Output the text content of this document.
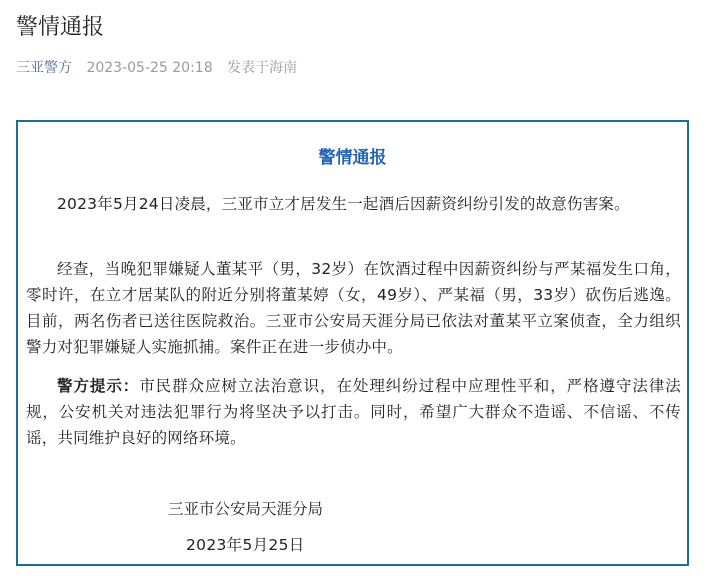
警情通报
三亚警方 2023-05-25 20:18 发表于海南
警情通报

2023年5月24日凌晨，三亚市立才居发生一起酒后因薪资纠纷引发的故意伤害案。

经查，当晚犯罪嫌疑人董某平（男，32岁）在饮酒过程中因薪资纠纷与严某福发生口角，零时许，在立才居某队的附近分别将董某婷（女，49岁）、严某福（男，33岁）砍伤后逃逸。目前，两名伤者已送往医院救治。三亚市公安局天涯分局已依法对董某平立案侦查，全力组织警力对犯罪嫌疑人实施抓捕。案件正在进一步侦办中。

警方提示：市民群众应树立法治意识，在处理纠纷过程中应理性平和，严格遵守法律法规，公安机关对违法犯罪行为将坚决予以打击。同时，希望广大群众不造谣、不信谣、不传谣，共同维护良好的网络环境。

三亚市公安局天涯分局
2023年5月25日
